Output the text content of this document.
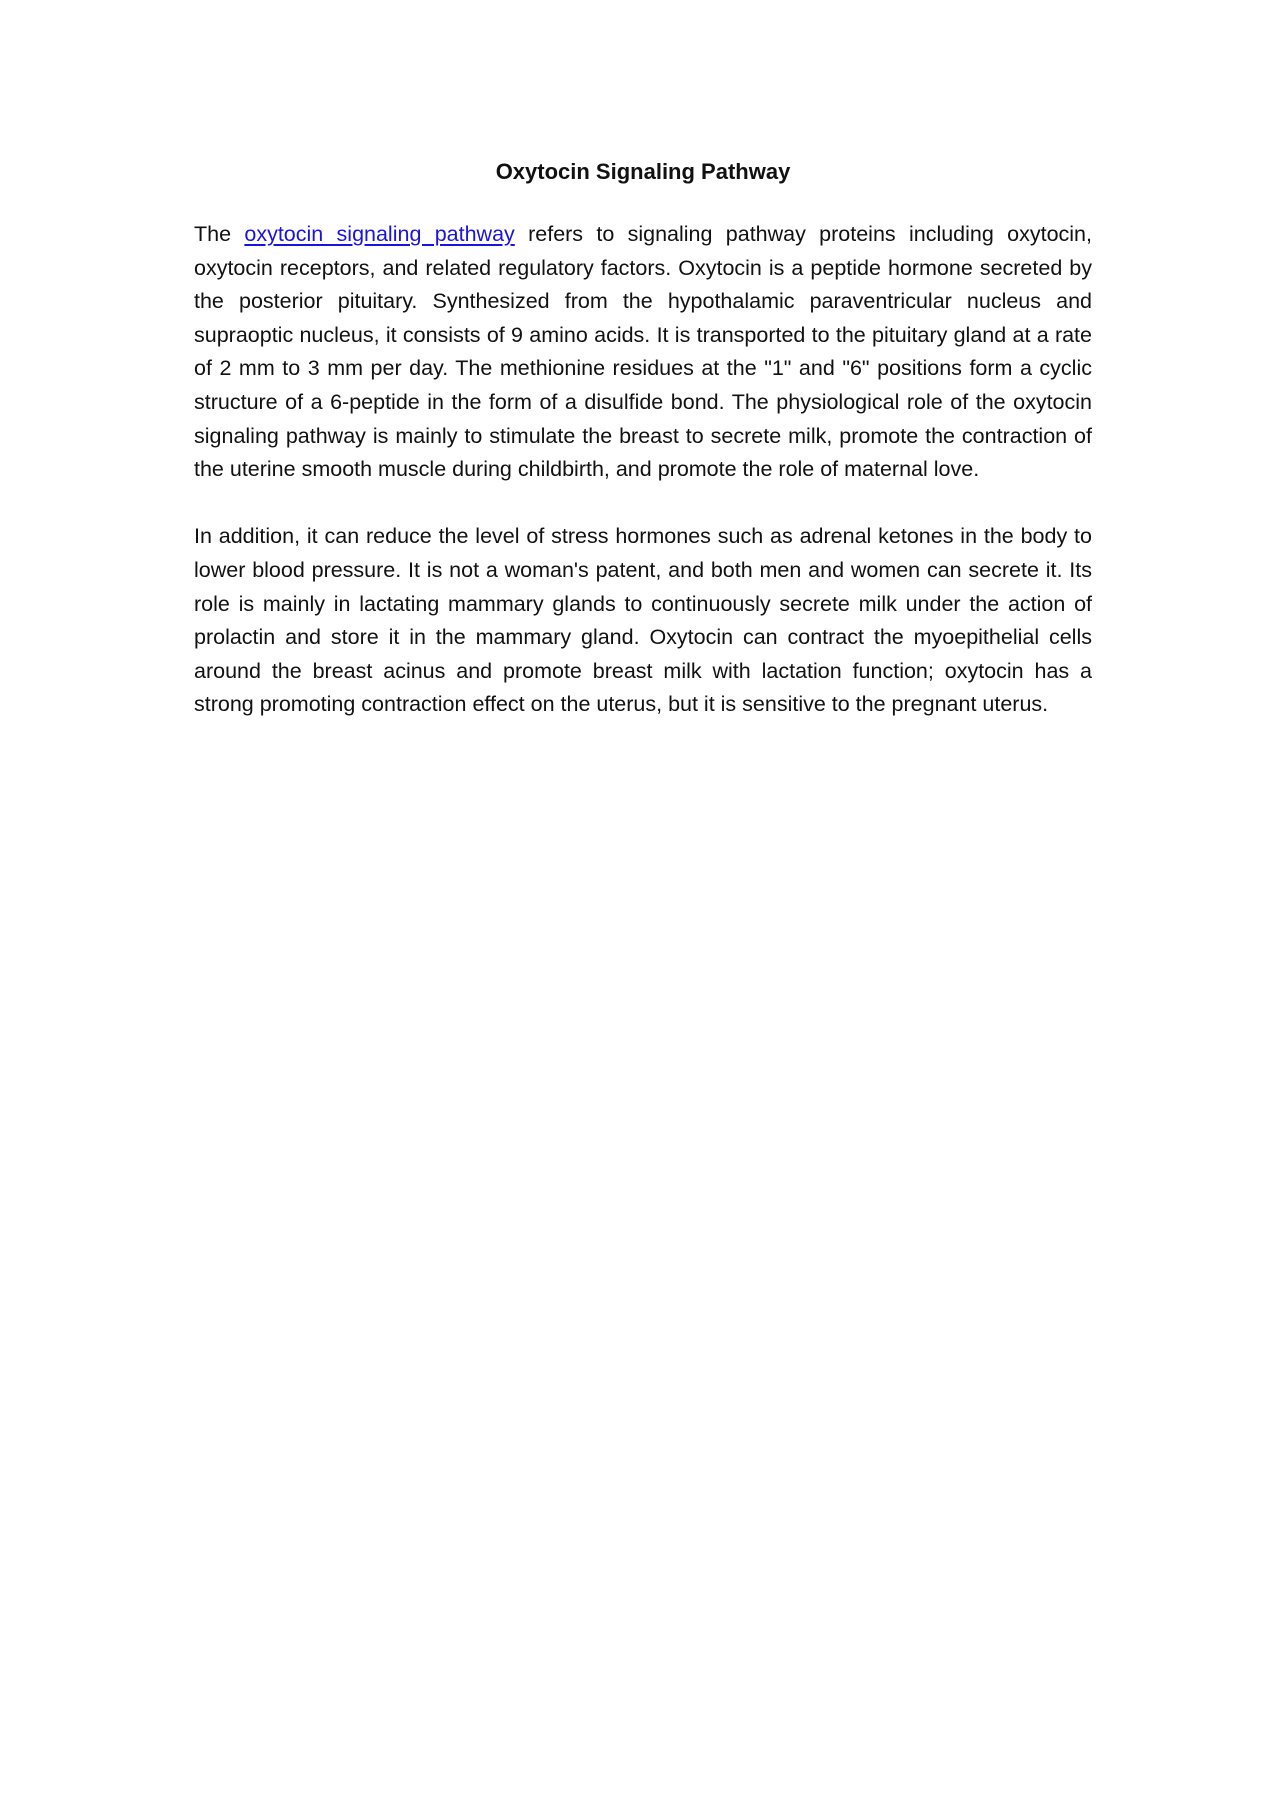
Oxytocin Signaling Pathway

The oxytocin signaling pathway refers to signaling pathway proteins including oxytocin, oxytocin receptors, and related regulatory factors. Oxytocin is a peptide hormone secreted by the posterior pituitary. Synthesized from the hypothalamic paraventricular nucleus and supraoptic nucleus, it consists of 9 amino acids. It is transported to the pituitary gland at a rate of 2 mm to 3 mm per day. The methionine residues at the "1" and "6" positions form a cyclic structure of a 6-peptide in the form of a disulfide bond. The physiological role of the oxytocin signaling pathway is mainly to stimulate the breast to secrete milk, promote the contraction of the uterine smooth muscle during childbirth, and promote the role of maternal love.

In addition, it can reduce the level of stress hormones such as adrenal ketones in the body to lower blood pressure. It is not a woman's patent, and both men and women can secrete it. Its role is mainly in lactating mammary glands to continuously secrete milk under the action of prolactin and store it in the mammary gland. Oxytocin can contract the myoepithelial cells around the breast acinus and promote breast milk with lactation function; oxytocin has a strong promoting contraction effect on the uterus, but it is sensitive to the pregnant uterus.
